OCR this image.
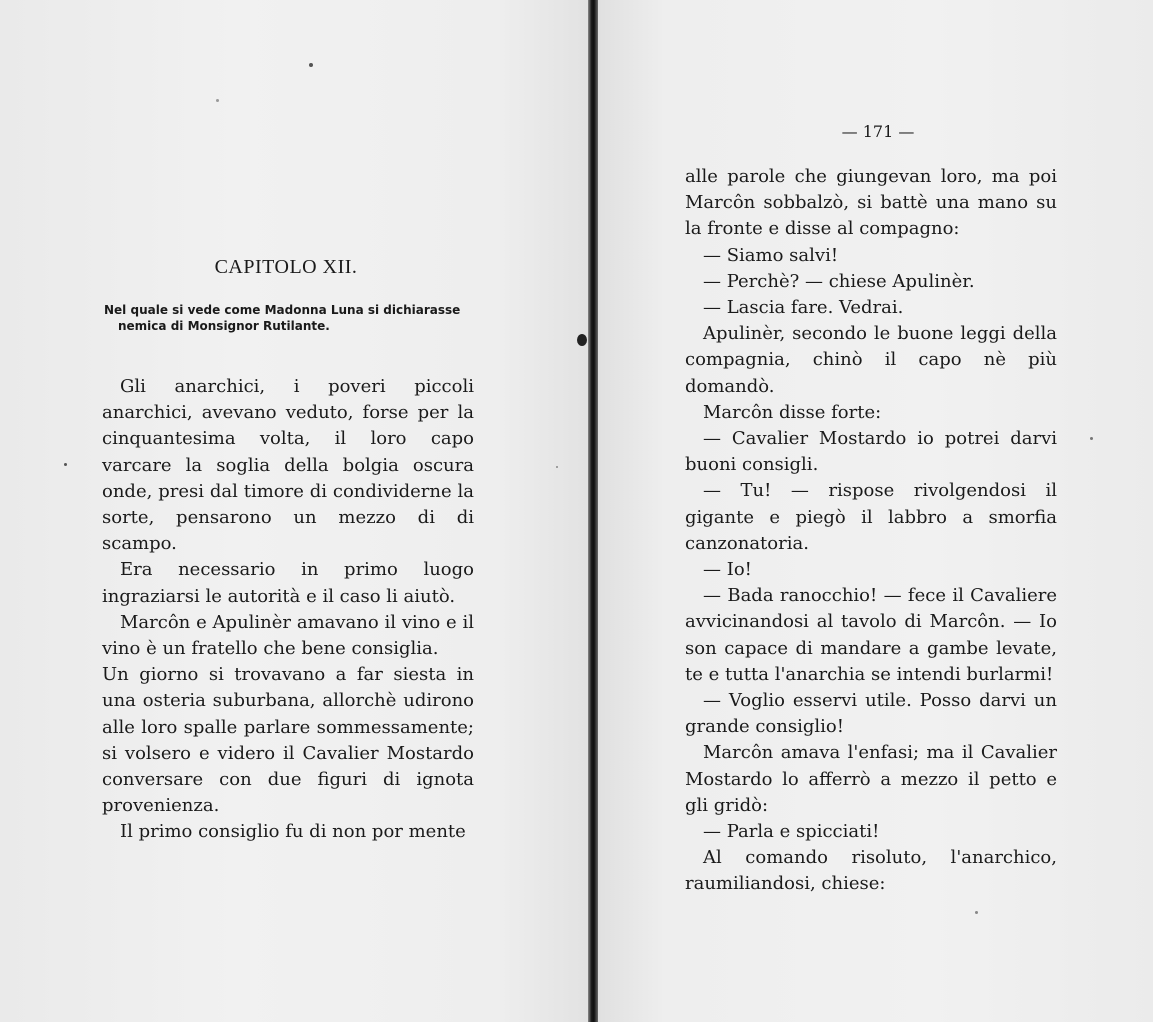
CAPITOLO XII.
Nel quale si vede come Madonna Luna si dichiarasse nemica di Monsignor Rutilante.

Gli anarchici, i poveri piccoli anarchici, avevano veduto, forse per la cinquantesima volta, il loro capo varcare la soglia della bolgia oscura onde, presi dal timore di condividerne la sorte, pensarono un mezzo di di scampo.

Era necessario in primo luogo ingraziarsi le autorità e il caso li aiutò.

Marcôn e Apulinèr amavano il vino e il vino è un fratello che bene consiglia.

Un giorno si trovavano a far siesta in una osteria suburbana, allorchè udirono alle loro spalle parlare sommessamente; si volsero e videro il Cavalier Mostardo conversare con due figuri di ignota provenienza.

Il primo consiglio fu di non por mente

— 171 —

alle parole che giungevan loro, ma poi Marcôn sobbalzò, si battè una mano su la fronte e disse al compagno:

— Siamo salvi!

— Perchè? — chiese Apulinèr.

— Lascia fare. Vedrai.

Apulinèr, secondo le buone leggi della compagnia, chinò il capo nè più domandò.

Marcôn disse forte:

— Cavalier Mostardo io potrei darvi buoni consigli.

— Tu! — rispose rivolgendosi il gigante e piegò il labbro a smorfia canzonatoria.

— Io!

— Bada ranocchio! — fece il Cavaliere avvicinandosi al tavolo di Marcôn. — Io son capace di mandare a gambe levate, te e tutta l'anarchia se intendi burlarmi!

— Voglio esservi utile. Posso darvi un grande consiglio!

Marcôn amava l'enfasi; ma il Cavalier Mostardo lo afferrò a mezzo il petto e gli gridò:

— Parla e spicciati!

Al comando risoluto, l'anarchico, raumiliandosi, chiese:
